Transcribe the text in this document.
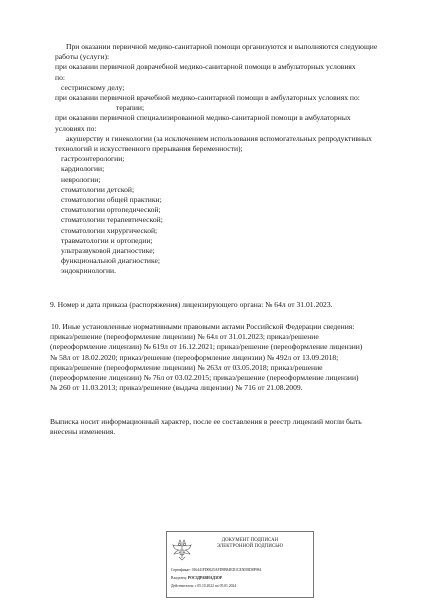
При оказании первичной медико-санитарной помощи организуются и выполняются следующие
работы (услуги):
при оказании первичной доврачебной медико-санитарной помощи в амбулаторных условиях
по:
сестринскому делу;
при оказании первичной врачебной медико-санитарной помощи в амбулаторных условиях по:
терапии;
при оказании первичной специализированной медико-санитарной помощи в амбулаторных
условиях по:
акушерству и гинекологии (за исключением использования вспомогательных репродуктивных
технологий и искусственного прерывания беременности);
гастроэнтерологии;
кардиологии;
неврологии;
стоматологии детской;
стоматологии общей практики;
стоматологии ортопедической;
стоматологии терапевтической;
стоматологии хирургической;
травматологии и ортопедии;
ультразвуковой диагностике;
функциональной диагностике;
эндокринологии.
9. Номер и дата приказа (распоряжения) лицензирующего органа: № 64л от 31.01.2023.
10. Иные установленные нормативными правовыми актами Российской Федерации сведения:
приказ/решение (переоформление лицензии) № 64л от 31.01.2023; приказ/решение
(переоформление лицензии) № 619л от 16.12.2021; приказ/решение (переоформление лицензии)
№ 58л от 18.02.2020; приказ/решение (переоформление лицензии) № 492л от 13.09.2018;
приказ/решение (переоформление лицензии) № 263л от 03.05.2018; приказ/решение
(переоформление лицензии) № 76л от 03.02.2015; приказ/решение (переоформление лицензии)
№ 260 от 11.03.2013; приказ/решение (выдача лицензии) № 716 от 21.08.2009.
Выписка носит информационный характер, после ее составления в реестр лицензий могли быть
внесены изменения.
ДОКУМЕНТ ПОДПИСАН
ЭЛЕКТРОННОЙ ПОДПИСЬЮ
Сертификат: 016441FD0025AFD9B84ED1CE5058D8F984
Владелец: РОСЗДРАВНАДЗОР
Действителен: с 05.10.2022 по 05.01.2024
